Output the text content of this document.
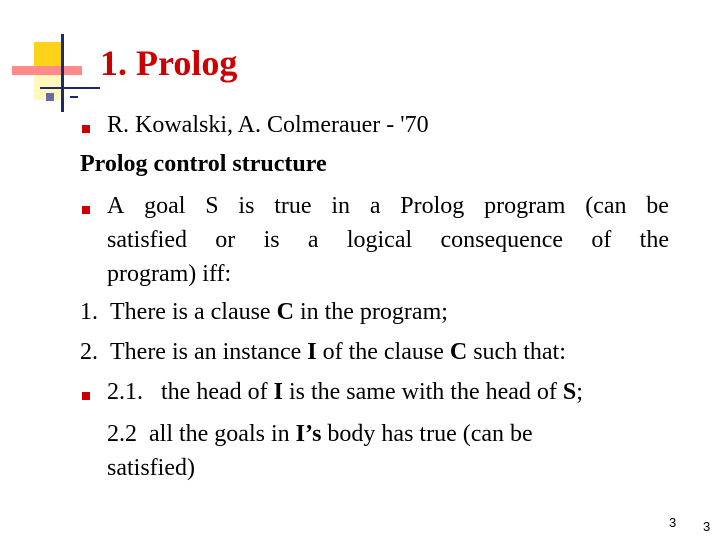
1. Prolog
R. Kowalski, A. Colmerauer - '70
Prolog control structure
A goal S is true in a Prolog program (can be
satisfied or is a logical consequence of the
program) iff:
1. There is a clause C in the program;
2. There is an instance I of the clause C such that:
2.1.   the head of I is the same with the head of S;
2.2  all the goals in I’s body has true (can be
satisfied)
3 3
